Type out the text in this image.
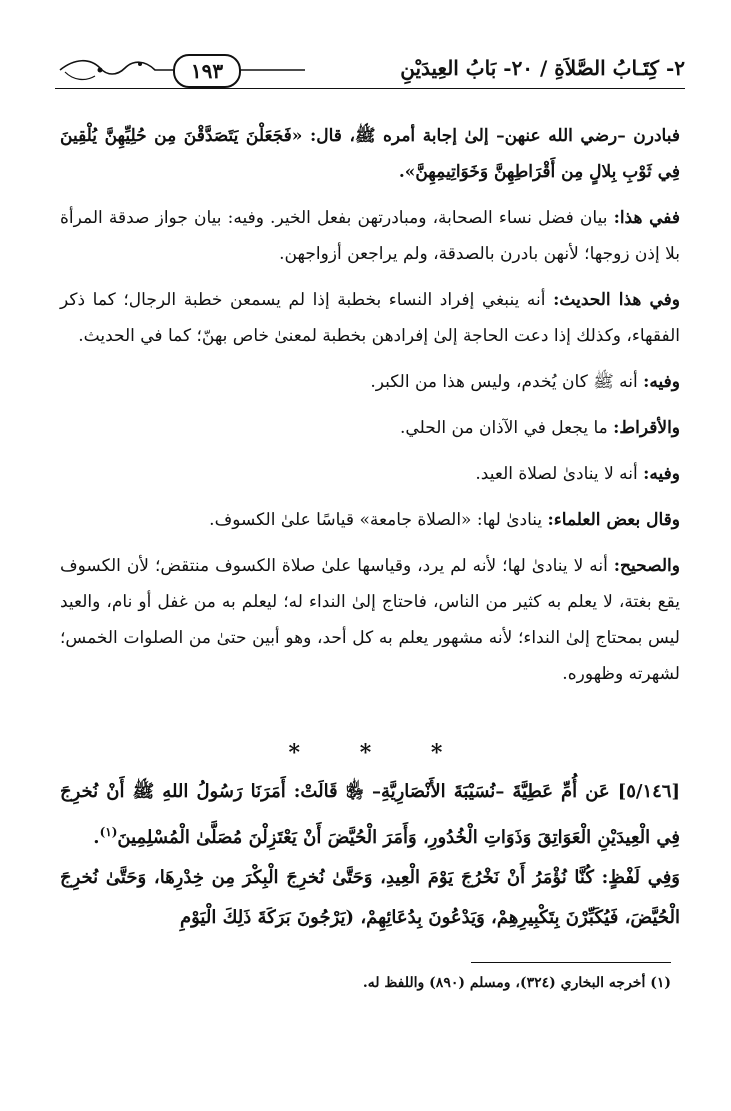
٢- كِتَـابُ الصَّلاَةِ / ٢٠- بَابُ العِيدَيْنِ
١٩٣

فبادرن –رضي الله عنهن– إلىٰ إجابة أمره ﷺ، قال: «فَجَعَلْنَ يَتَصَدَّقْنَ مِن حُلِيِّهِنَّ يُلْقِينَ فِي ثَوْبِ بِلالٍ مِن أَقْرَاطِهِنَّ وَخَوَاتِيمِهِنَّ».

ففي هذا: بيان فضل نساء الصحابة، ومبادرتهن بفعل الخير. وفيه: بيان جواز صدقة المرأة بلا إذن زوجها؛ لأنهن بادرن بالصدقة، ولم يراجعن أزواجهن.

وفي هذا الحديث: أنه ينبغي إفراد النساء بخطبة إذا لم يسمعن خطبة الرجال؛ كما ذكر الفقهاء، وكذلك إذا دعت الحاجة إلىٰ إفرادهن بخطبة لمعنىٰ خاص بهنّ؛ كما في الحديث.

وفيه: أنه ﷺ كان يُخدم، وليس هذا من الكبر.

والأقراط: ما يجعل في الآذان من الحلي.

وفيه: أنه لا ينادىٰ لصلاة العيد.

وقال بعض العلماء: ينادىٰ لها: «الصلاة جامعة» قياسًا علىٰ الكسوف.

والصحيح: أنه لا ينادىٰ لها؛ لأنه لم يرد، وقياسها علىٰ صلاة الكسوف منتقض؛ لأن الكسوف يقع بغتة، لا يعلم به كثير من الناس، فاحتاج إلىٰ النداء له؛ ليعلم به من غفل أو نام، والعيد ليس بمحتاج إلىٰ النداء؛ لأنه مشهور يعلم به كل أحد، وهو أبين حتىٰ من الصلوات الخمس؛ لشهرته وظهوره.

* * *

[٥/١٤٦] عَن أُمِّ عَطِيَّةَ –نُسَيْبَةَ الأَنْصَارِيَّةِ– ﵂ قَالَتْ: أَمَرَنَا رَسُولُ اللهِ ﷺ أَنْ نُخرِجَ فِي الْعِيدَيْنِ الْعَوَاتِقَ وَذَوَاتِ الْخُدُورِ، وَأَمَرَ الْحُيَّضَ أَنْ يَعْتَزِلْنَ مُصَلَّىٰ الْمُسْلِمِينَ$^{(١)}$.

وَفِي لَفْظٍ: كُنَّا نُؤْمَرُ أَنْ نَخْرُجَ يَوْمَ الْعِيدِ، وَحَتَّىٰ نُخرِجَ الْبِكْرَ مِن خِدْرِهَا، وَحَتَّىٰ نُخرِجَ الْحُيَّضَ، فَيُكَبِّرْنَ بِتَكْبِيرِهِمْ، وَيَدْعُونَ بِدُعَائِهِمْ، (يَرْجُونَ بَرَكَةَ ذَلِكَ الْيَوْمِ

(١) أخرجه البخاري (٣٢٤)، ومسلم (٨٩٠) واللفظ له.
